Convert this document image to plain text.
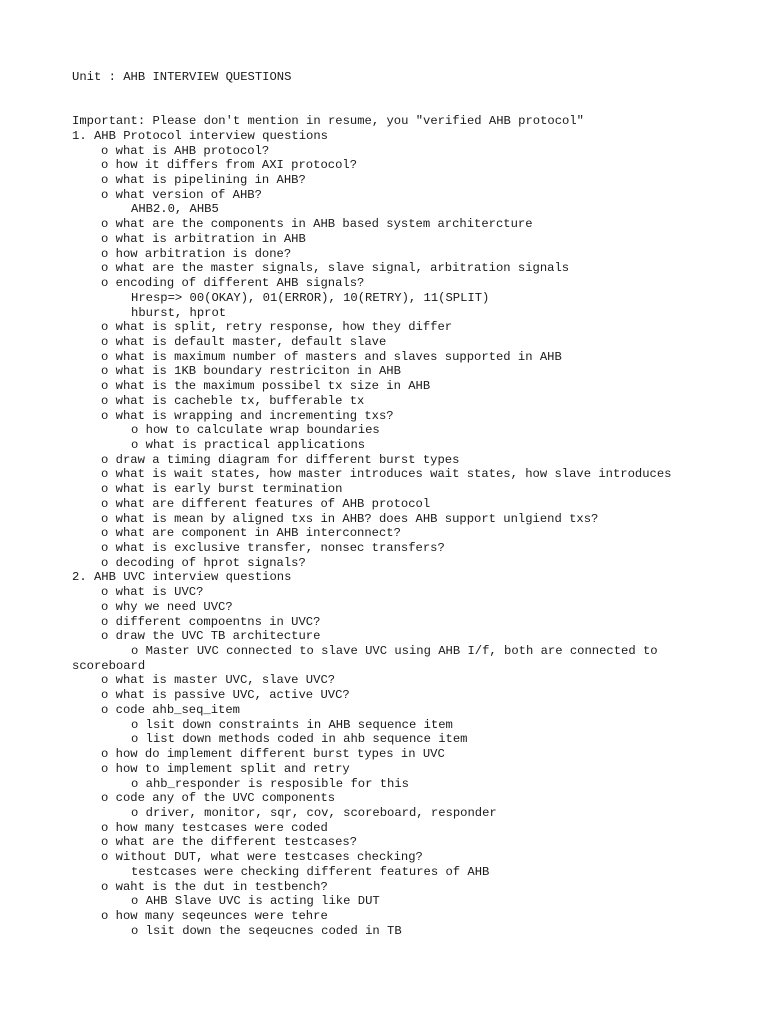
Unit : AHB INTERVIEW QUESTIONS
Important: Please don't mention in resume, you "verified AHB protocol"
1. AHB Protocol interview questions
o what is AHB protocol?
o how it differs from AXI protocol?
o what is pipelining in AHB?
o what version of AHB?
AHB2.0, AHB5
o what are the components in AHB based system architercture
o what is arbitration in AHB
o how arbitration is done?
o what are the master signals, slave signal, arbitration signals
o encoding of different AHB signals?
Hresp=> 00(OKAY), 01(ERROR), 10(RETRY), 11(SPLIT)
hburst, hprot
o what is split, retry response, how they differ
o what is default master, default slave
o what is maximum number of masters and slaves supported in AHB
o what is 1KB boundary restriciton in AHB
o what is the maximum possibel tx size in AHB
o what is cacheble tx, bufferable tx
o what is wrapping and incrementing txs?
o how to calculate wrap boundaries
o what is practical applications
o draw a timing diagram for different burst types
o what is wait states, how master introduces wait states, how slave introduces
o what is early burst termination
o what are different features of AHB protocol
o what is mean by aligned txs in AHB? does AHB support unlgiend txs?
o what are component in AHB interconnect?
o what is exclusive transfer, nonsec transfers?
o decoding of hprot signals?
2. AHB UVC interview questions
o what is UVC?
o why we need UVC?
o different compoentns in UVC?
o draw the UVC TB architecture
o Master UVC connected to slave UVC using AHB I/f, both are connected to
scoreboard
o what is master UVC, slave UVC?
o what is passive UVC, active UVC?
o code ahb_seq_item
o lsit down constraints in AHB sequence item
o list down methods coded in ahb sequence item
o how do implement different burst types in UVC
o how to implement split and retry
o ahb_responder is resposible for this
o code any of the UVC components
o driver, monitor, sqr, cov, scoreboard, responder
o how many testcases were coded
o what are the different testcases?
o without DUT, what were testcases checking?
testcases were checking different features of AHB
o waht is the dut in testbench?
o AHB Slave UVC is acting like DUT
o how many seqeunces were tehre
o lsit down the seqeucnes coded in TB
